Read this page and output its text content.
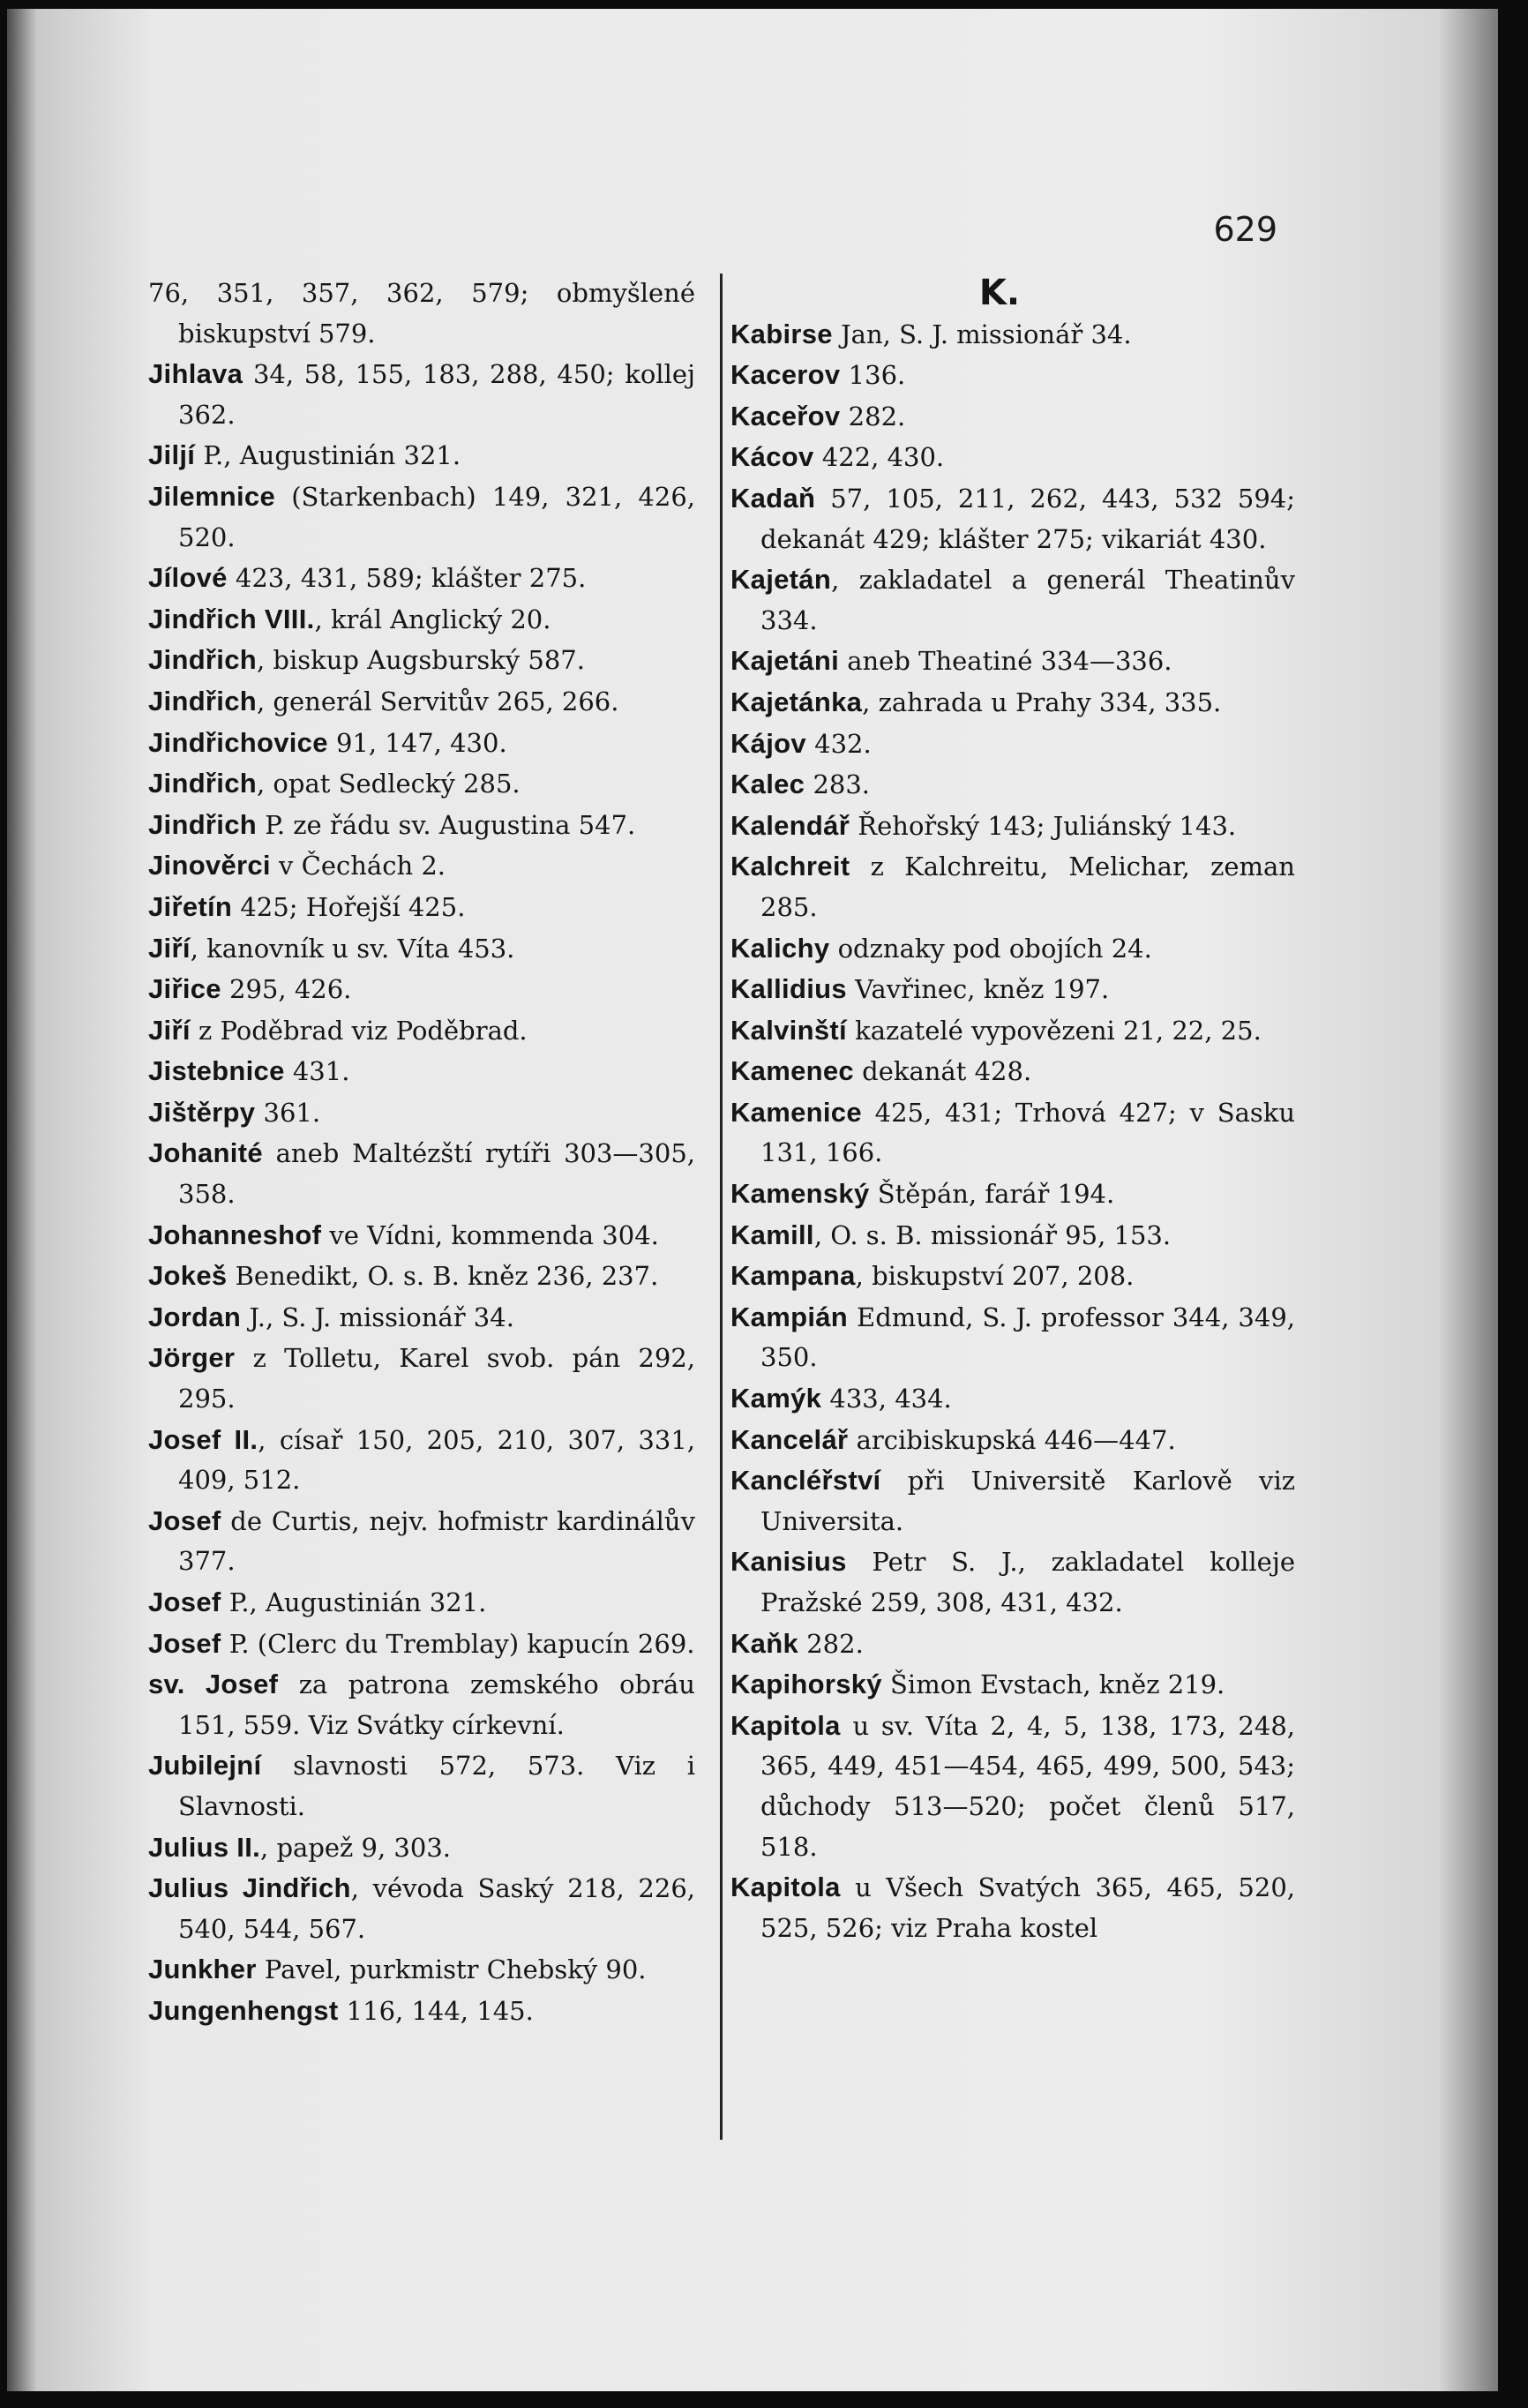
629

76, 351, 357, 362, 579; obmyšlené biskupství 579.

Jihlava 34, 58, 155, 183, 288, 450; kollej 362.

Jiljí P., Augustinián 321.

Jilemnice (Starkenbach) 149, 321, 426, 520.

Jílové 423, 431, 589; klášter 275.

Jindřich VIII., král Anglický 20.

Jindřich, biskup Augsburský 587.

Jindřich, generál Servitův 265, 266.

Jindřichovice 91, 147, 430.

Jindřich, opat Sedlecký 285.

Jindřich P. ze řádu sv. Augustina 547.

Jinověrci v Čechách 2.

Jiřetín 425; Hořejší 425.

Jiří, kanovník u sv. Víta 453.

Jiřice 295, 426.

Jiří z Poděbrad viz Poděbrad.

Jistebnice 431.

Jištěrpy 361.

Johanité aneb Maltézští rytíři 303—305, 358.

Johanneshof ve Vídni, kommenda 304.

Jokeš Benedikt, O. s. B. kněz 236, 237.

Jordan J., S. J. missionář 34.

Jörger z Tolletu, Karel svob. pán 292, 295.

Josef II., císař 150, 205, 210, 307, 331, 409, 512.

Josef de Curtis, nejv. hofmistr kardinálův 377.

Josef P., Augustinián 321.

Josef P. (Clerc du Tremblay) kapucín 269.

sv. Josef za patrona zemského obráu 151, 559. Viz Svátky církevní.

Jubilejní slavnosti 572, 573. Viz i Slavnosti.

Julius II., papež 9, 303.

Julius Jindřich, vévoda Saský 218, 226, 540, 544, 567.

Junkher Pavel, purkmistr Chebský 90.

Jungenhengst 116, 144, 145.

K.

Kabirse Jan, S. J. missionář 34.

Kacerov 136.

Kaceřov 282.

Kácov 422, 430.

Kadaň 57, 105, 211, 262, 443, 532 594; dekanát 429; klášter 275; vikariát 430.

Kajetán, zakladatel a generál Theatinův 334.

Kajetáni aneb Theatiné 334—336.

Kajetánka, zahrada u Prahy 334, 335.

Kájov 432.

Kalec 283.

Kalendář Řehořský 143; Juliánský 143.

Kalchreit z Kalchreitu, Melichar, zeman 285.

Kalichy odznaky pod obojích 24.

Kallidius Vavřinec, kněz 197.

Kalvinští kazatelé vypovězeni 21, 22, 25.

Kamenec dekanát 428.

Kamenice 425, 431; Trhová 427; v Sasku 131, 166.

Kamenský Štěpán, farář 194.

Kamill, O. s. B. missionář 95, 153.

Kampana, biskupství 207, 208.

Kampián Edmund, S. J. professor 344, 349, 350.

Kamýk 433, 434.

Kancelář arcibiskupská 446—447.

Kancléřství při Universitě Karlově viz Universita.

Kanisius Petr S. J., zakladatel kolleje Pražské 259, 308, 431, 432.

Kaňk 282.

Kapihorský Šimon Evstach, kněz 219.

Kapitola u sv. Víta 2, 4, 5, 138, 173, 248, 365, 449, 451—454, 465, 499, 500, 543; důchody 513—520; počet členů 517, 518.

Kapitola u Všech Svatých 365, 465, 520, 525, 526; viz Praha kostel
